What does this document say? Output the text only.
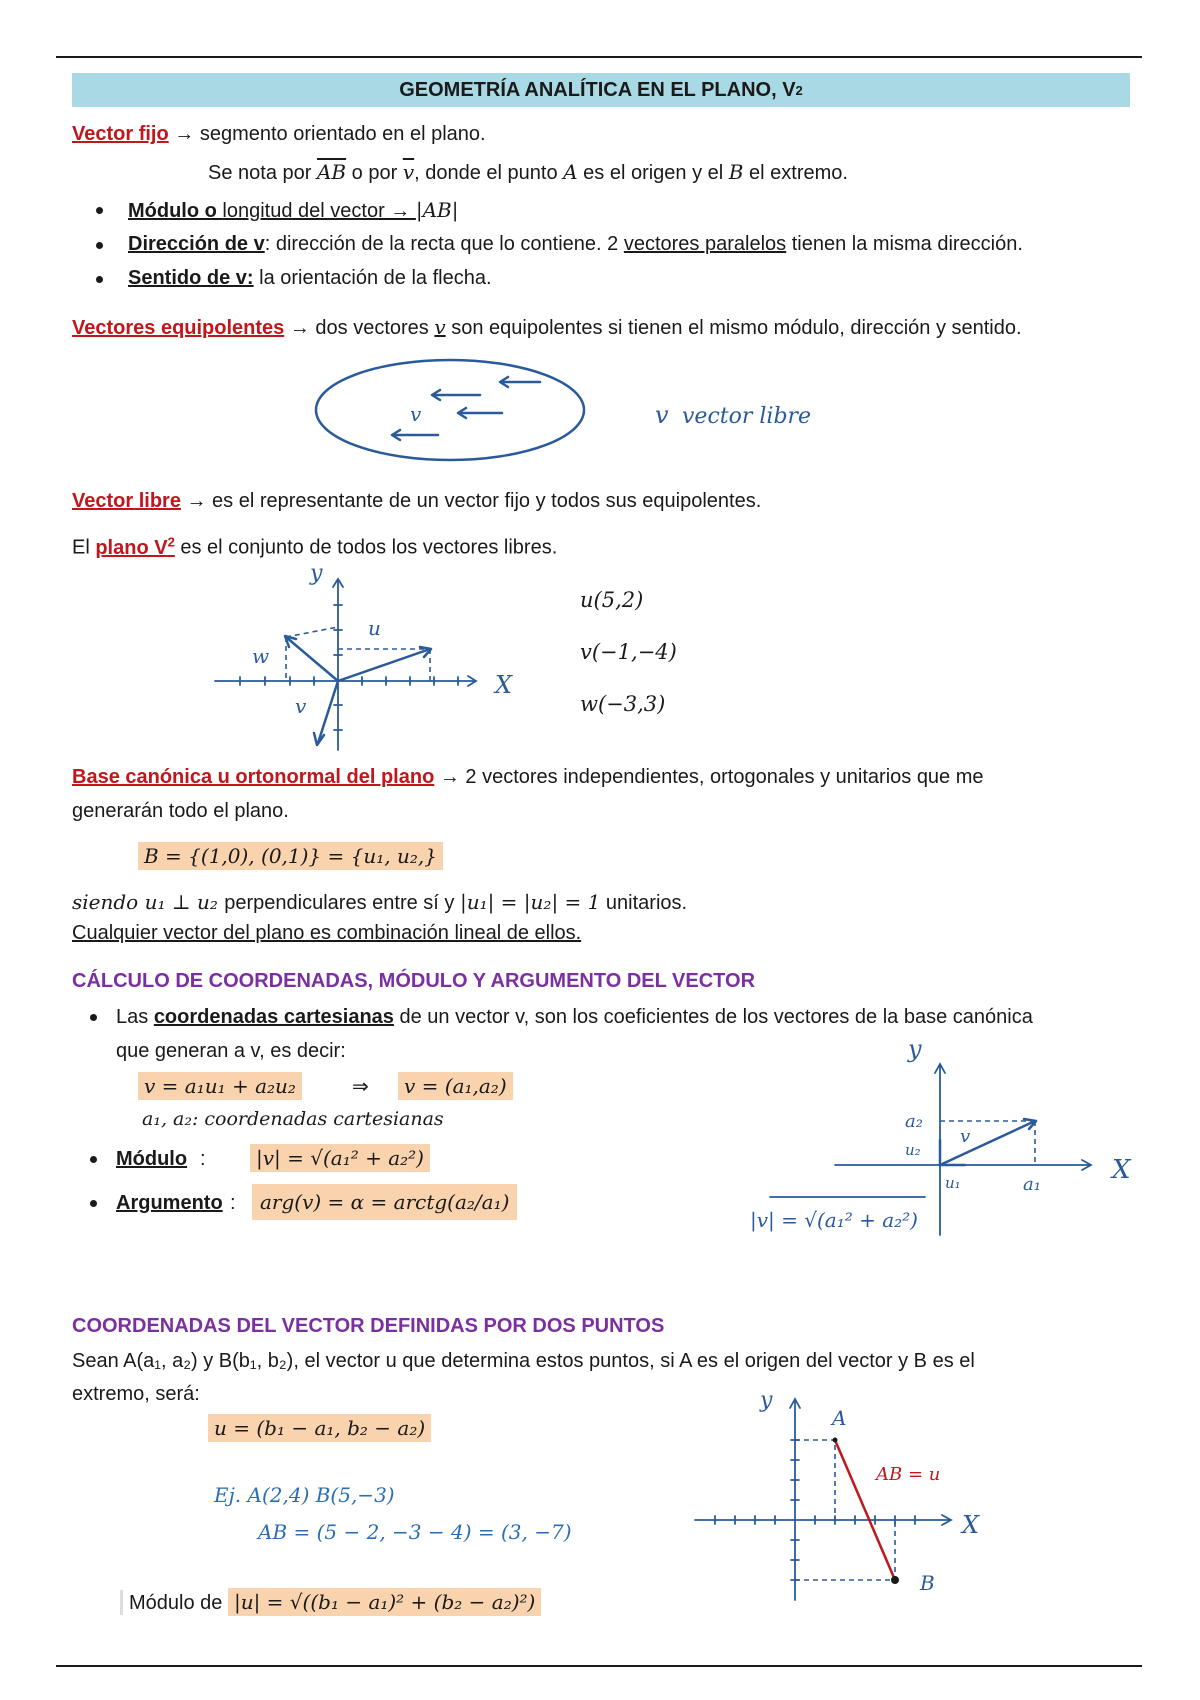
GEOMETRÍA ANALÍTICA EN EL PLANO, V 2
Vector fijo → segmento orientado en el plano.
Se nota por $\overline{AB}$ o por $\overline{v}$, donde el punto A es el origen y el B el extremo.
Módulo o longitud del vector → |AB|
Dirección de v: dirección de la recta que lo contiene. 2 vectores paralelos tienen la misma dirección.
Sentido de v: la orientación de la flecha.
Vectores equipolentes → dos vectores v son equipolentes si tienen el mismo módulo, dirección y sentido.
v	v vector libre
Vector libre → es el representante de un vector fijo y todos sus equipolentes.
El plano $V^2$ es el conjunto de todos los vectores libres.
y
X
u
v
w
u(5,2)
v(−1,−4)
w(−3,3)
Base canónica u ortonormal del plano → 2 vectores independientes, ortogonales y unitarios que me
generarán todo el plano.
B = {(1,0), (0,1)} = {u₁, u₂,}
siendo u₁ ⊥ u₂ perpendiculares entre sí y |u₁| = |u₂| = 1 unitarios.
Cualquier vector del plano es combinación lineal de ellos.
CÁLCULO DE COORDENADAS, MÓDULO Y ARGUMENTO DEL VECTOR
Las coordenadas cartesianas de un vector v, son los coeficientes de los vectores de la base canónica
que generan a v, es decir:
v = a₁u₁ + a₂u₂	⇒	v = (a₁,a₂)
a₁, a₂: coordenadas cartesianas
Módulo :	|v| = √(a₁² + a₂²)
Argumento :	arg(v) = α = arctg(a₂/a₁)
y
X
a₂
a₁
u₂
u₁
v
|v| = √(a₁² + a₂²)
COORDENADAS DEL VECTOR DEFINIDAS POR DOS PUNTOS
Sean A(a₁, a₂) y B(b₁, b₂), el vector u que determina estos puntos, si A es el origen del vector y B es el
extremo, será:
u = (b₁ − a₁, b₂ − a₂)
Ej. A(2,4) B(5,−3)
AB = (5 − 2, −3 − 4) = (3, −7)
Módulo de |u| = √((b₁ − a₁)² + (b₂ − a₂)²)
y
X
A
B
AB = u
